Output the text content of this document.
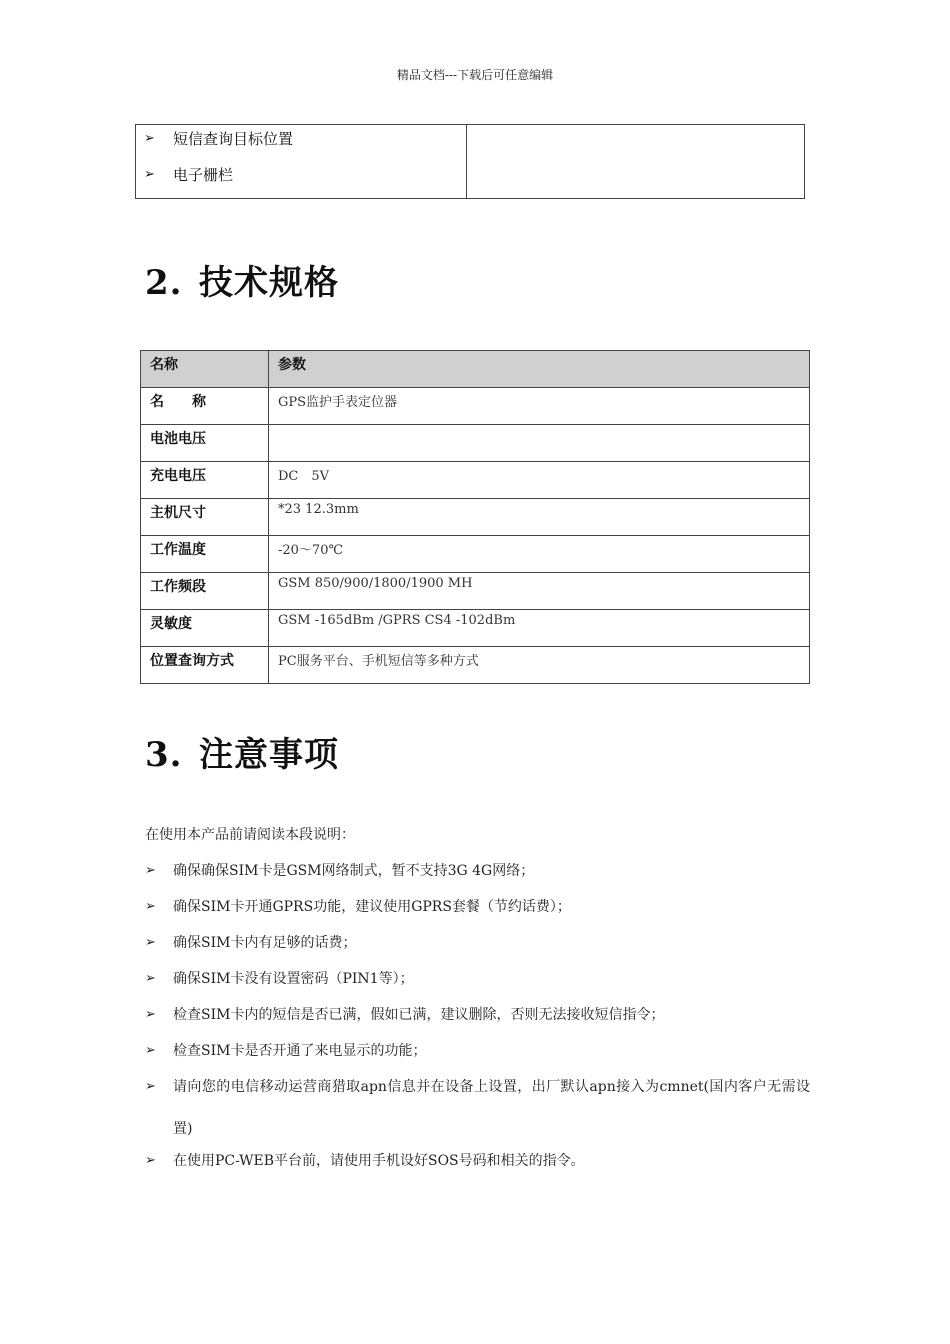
精品文档---下载后可任意编辑
➢ 短信查询目标位置
➢ 电子栅栏

2. 技术规格
名称	参数
名　　称	GPS监护手表定位器
电池电压	
充电电压	DC　5V
主机尺寸	*23 12.3mm
工作温度	-20～70℃
工作频段	GSM 850/900/1800/1900 MH
灵敏度	GSM -165dBm /GPRS CS4 -102dBm
位置查询方式	PC服务平台、手机短信等多种方式
3. 注意事项
在使用本产品前请阅读本段说明：
➢ 确保确保SIM卡是GSM网络制式，暂不支持3G 4G网络；
➢ 确保SIM卡开通GPRS功能，建议使用GPRS套餐（节约话费）；
➢ 确保SIM卡内有足够的话费；
➢ 确保SIM卡没有设置密码（PIN1等）；
➢ 检查SIM卡内的短信是否已满，假如已满，建议删除，否则无法接收短信指令；
➢ 检查SIM卡是否开通了来电显示的功能；
➢ 请向您的电信移动运营商猎取apn信息并在设备上设置，出厂默认apn接入为cmnet(国内客户无需设置)
➢ 在使用PC-WEB平台前，请使用手机设好SOS号码和相关的指令。
